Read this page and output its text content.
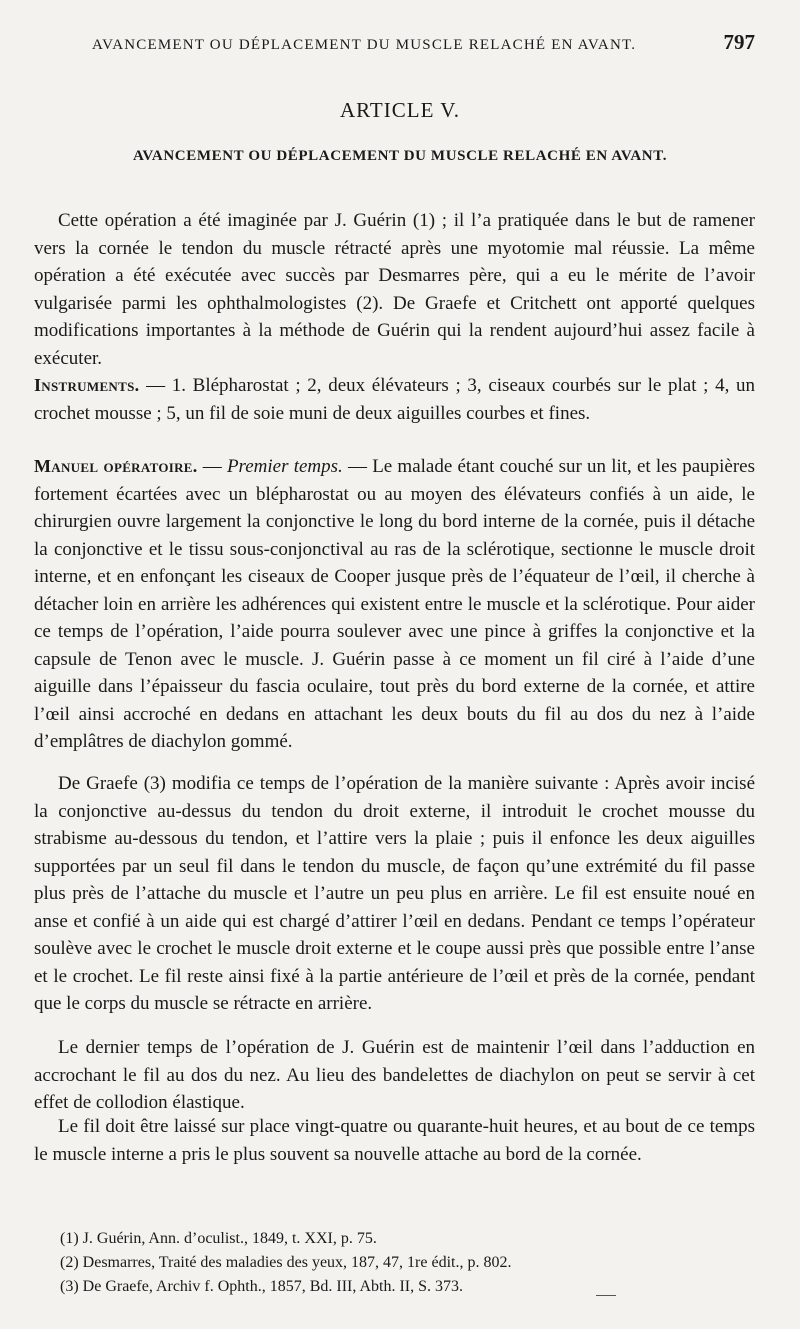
AVANCEMENT OU DÉPLACEMENT DU MUSCLE RELACHÉ EN AVANT.	797
ARTICLE V.
AVANCEMENT OU DÉPLACEMENT DU MUSCLE RELACHÉ EN AVANT.

Cette opération a été imaginée par J. Guérin (1) ; il l’a pratiquée dans le but de ramener vers la cornée le tendon du muscle rétracté après une myotomie mal réussie. La même opération a été exécutée avec succès par Desmarres père, qui a eu le mérite de l’avoir vulgarisée parmi les ophthalmologistes (2). De Graefe et Critchett ont apporté quelques modifications importantes à la méthode de Guérin qui la rendent aujourd’hui assez facile à exécuter.

Instruments. — 1. Blépharostat ; 2, deux élévateurs ; 3, ciseaux courbés sur le plat ; 4, un crochet mousse ; 5, un fil de soie muni de deux aiguilles courbes et fines.

Manuel opératoire. — Premier temps. — Le malade étant couché sur un lit, et les paupières fortement écartées avec un blépharostat ou au moyen des élévateurs confiés à un aide, le chirurgien ouvre largement la conjonctive le long du bord interne de la cornée, puis il détache la conjonctive et le tissu sous-conjonctival au ras de la sclérotique, sectionne le muscle droit interne, et en enfonçant les ciseaux de Cooper jusque près de l’équateur de l’œil, il cherche à détacher loin en arrière les adhérences qui existent entre le muscle et la sclérotique. Pour aider ce temps de l’opération, l’aide pourra soulever avec une pince à griffes la conjonctive et la capsule de Tenon avec le muscle. J. Guérin passe à ce moment un fil ciré à l’aide d’une aiguille dans l’épaisseur du fascia oculaire, tout près du bord externe de la cornée, et attire l’œil ainsi accroché en dedans en attachant les deux bouts du fil au dos du nez à l’aide d’emplâtres de diachylon gommé.

De Graefe (3) modifia ce temps de l’opération de la manière suivante : Après avoir incisé la conjonctive au-dessus du tendon du droit externe, il introduit le crochet mousse du strabisme au-dessous du tendon, et l’attire vers la plaie ; puis il enfonce les deux aiguilles supportées par un seul fil dans le tendon du muscle, de façon qu’une extrémité du fil passe plus près de l’attache du muscle et l’autre un peu plus en arrière. Le fil est ensuite noué en anse et confié à un aide qui est chargé d’attirer l’œil en dedans. Pendant ce temps l’opérateur soulève avec le crochet le muscle droit externe et le coupe aussi près que possible entre l’anse et le crochet. Le fil reste ainsi fixé à la partie antérieure de l’œil et près de la cornée, pendant que le corps du muscle se rétracte en arrière.

Le dernier temps de l’opération de J. Guérin est de maintenir l’œil dans l’adduction en accrochant le fil au dos du nez. Au lieu des bandelettes de diachylon on peut se servir à cet effet de collodion élastique.

Le fil doit être laissé sur place vingt-quatre ou quarante-huit heures, et au bout de ce temps le muscle interne a pris le plus souvent sa nouvelle attache au bord de la cornée.

(1) J. Guérin, Ann. d’oculist., 1849, t. XXI, p. 75.

(2) Desmarres, Traité des maladies des yeux, 187, 47, 1re édit., p. 802.

(3) De Graefe, Archiv f. Ophth., 1857, Bd. III, Abth. II, S. 373.
